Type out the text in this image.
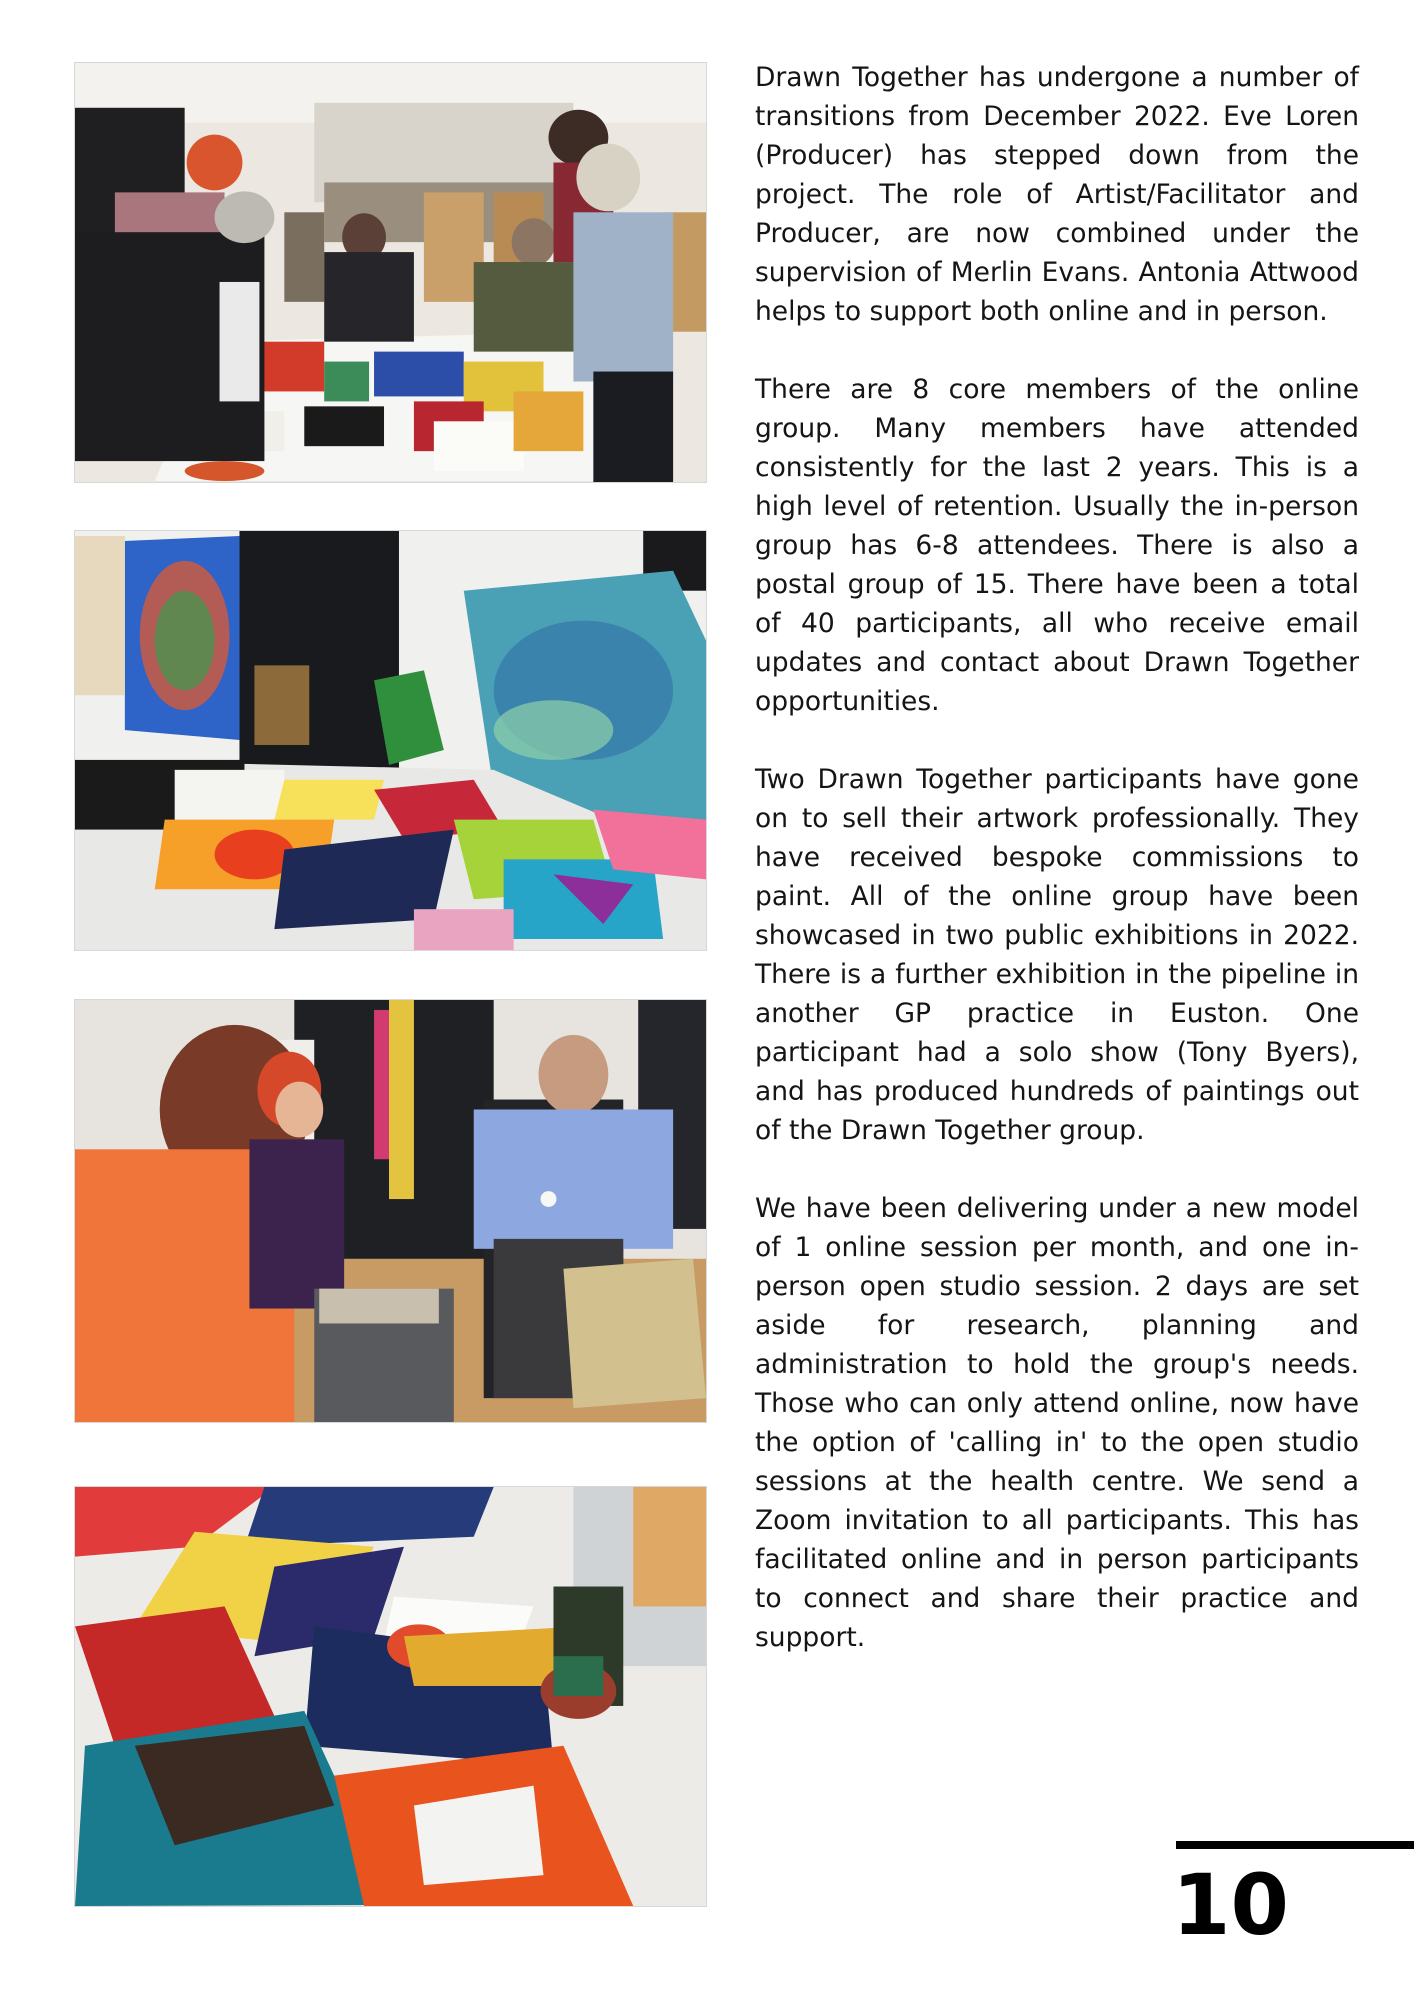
Drawn Together has undergone a number of transitions from December 2022. Eve Loren (Producer) has stepped down from the project. The role of Artist/Facilitator and Producer, are now combined under the supervision of Merlin Evans. Antonia Attwood helps to support both online and in person.

There are 8 core members of the online group. Many members have attended consistently for the last 2 years. This is a high level of retention. Usually the in-person group has 6-8 attendees. There is also a postal group of 15. There have been a total of 40 participants, all who receive email updates and contact about Drawn Together opportunities.

Two Drawn Together participants have gone on to sell their artwork professionally. They have received bespoke commissions to paint. All of the online group have been showcased in two public exhibitions in 2022. There is a further exhibition in the pipeline in another GP practice in Euston. One participant had a solo show (Tony Byers), and has produced hundreds of paintings out of the Drawn Together group.

We have been delivering under a new model of 1 online session per month, and one in-person open studio session. 2 days are set aside for research, planning and administration to hold the group's needs. Those who can only attend online, now have the option of 'calling in' to the open studio sessions at the health centre. We send a Zoom invitation to all participants. This has facilitated online and in person participants to connect and share their practice and support.

10
